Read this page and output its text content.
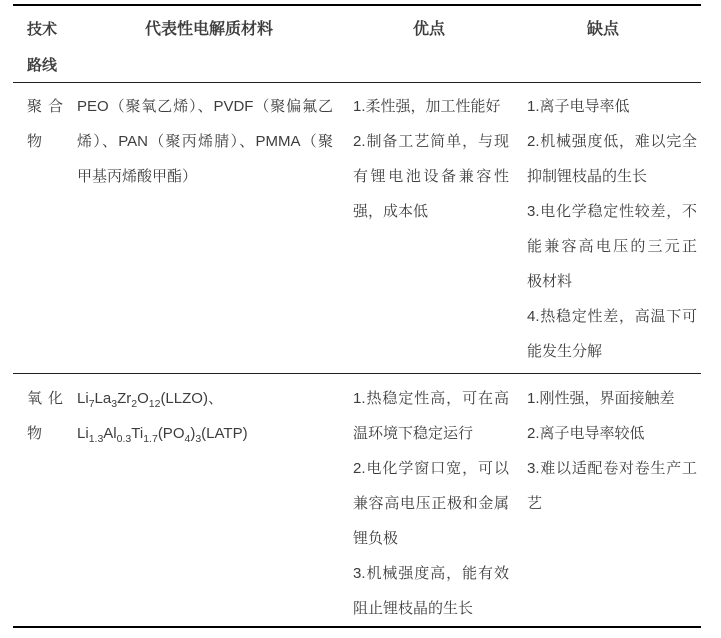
技术
路线
代表性电解质材料	优点	缺点
聚合
物
PEO（聚氧乙烯）、PVDF（聚偏氟乙
烯）、PAN（聚丙烯腈）、PMMA（聚
甲基丙烯酸甲酯）
1.柔性强，加工性能好
2.制备工艺简单，与现
有锂电池设备兼容性
强，成本低
1.离子电导率低
2.机械强度低，难以完全
抑制锂枝晶的生长
3.电化学稳定性较差，不
能兼容高电压的三元正
极材料
4.热稳定性差，高温下可
能发生分解
氧化
物
$Li_7La_3Zr_2O_{12}(LLZO)$、
$Li_{1.3}Al_{0.3}Ti_{1.7}(PO_4)_3(LATP)$
1.热稳定性高，可在高
温环境下稳定运行
2.电化学窗口宽，可以
兼容高电压正极和金属
锂负极
3.机械强度高，能有效
阻止锂枝晶的生长
1.刚性强，界面接触差
2.离子电导率较低
3.难以适配卷对卷生产工
艺
